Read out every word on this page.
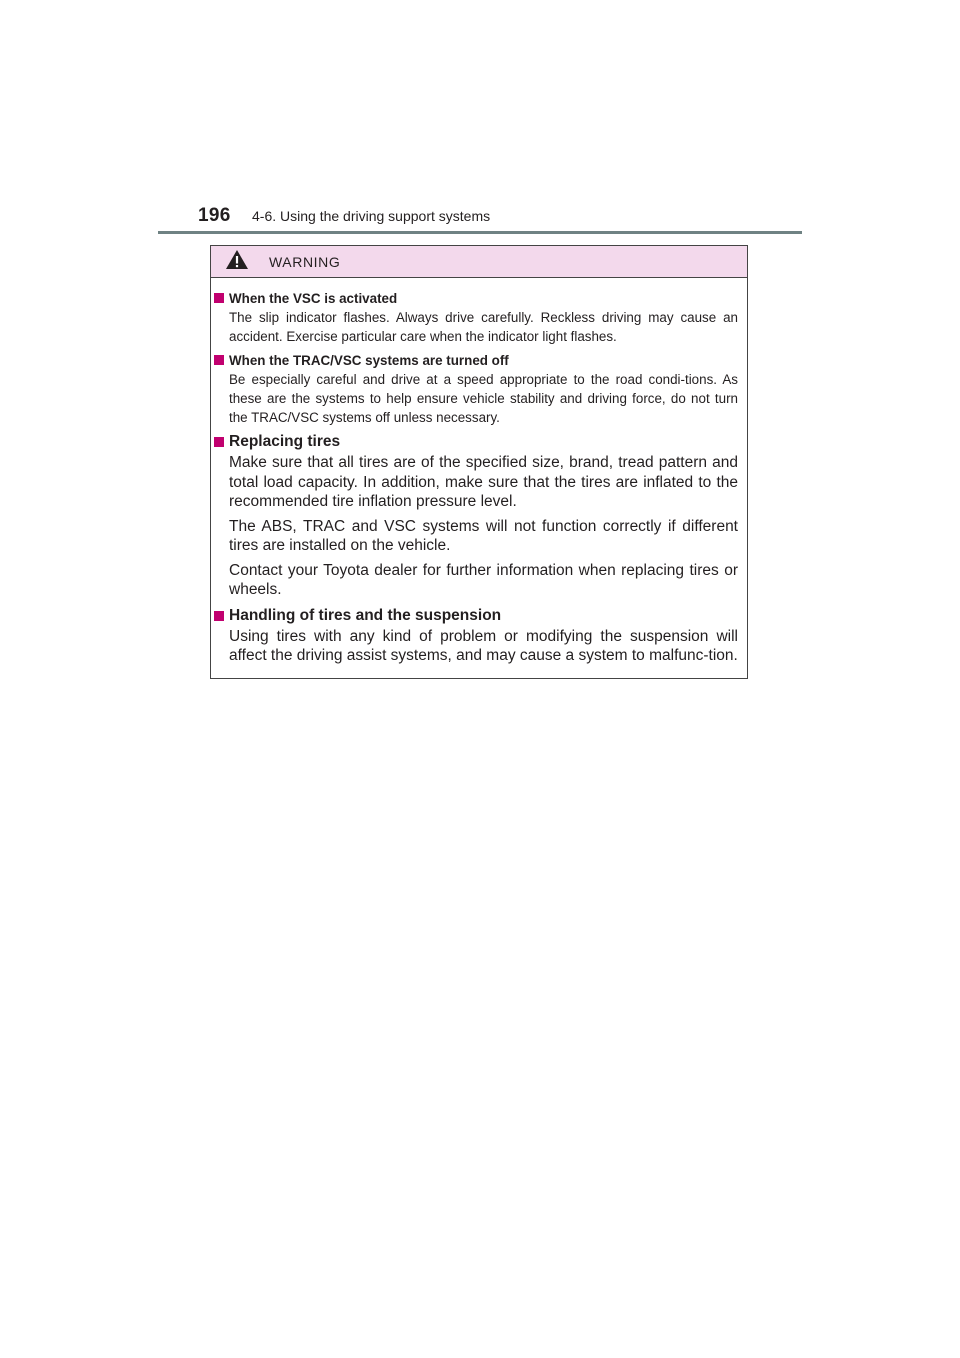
196	4-6. Using the driving support systems
WARNING
When the VSC is activated
The slip indicator flashes. Always drive carefully. Reckless driving may cause an accident. Exercise particular care when the indicator light flashes.
When the TRAC/VSC systems are turned off
Be especially careful and drive at a speed appropriate to the road condi-tions. As these are the systems to help ensure vehicle stability and driving force, do not turn the TRAC/VSC systems off unless necessary.
Replacing tires
Make sure that all tires are of the specified size, brand, tread pattern and total load capacity. In addition, make sure that the tires are inflated to the recommended tire inflation pressure level.
The ABS, TRAC and VSC systems will not function correctly if different tires are installed on the vehicle.
Contact your Toyota dealer for further information when replacing tires or wheels.
Handling of tires and the suspension
Using tires with any kind of problem or modifying the suspension will affect the driving assist systems, and may cause a system to malfunc-tion.
